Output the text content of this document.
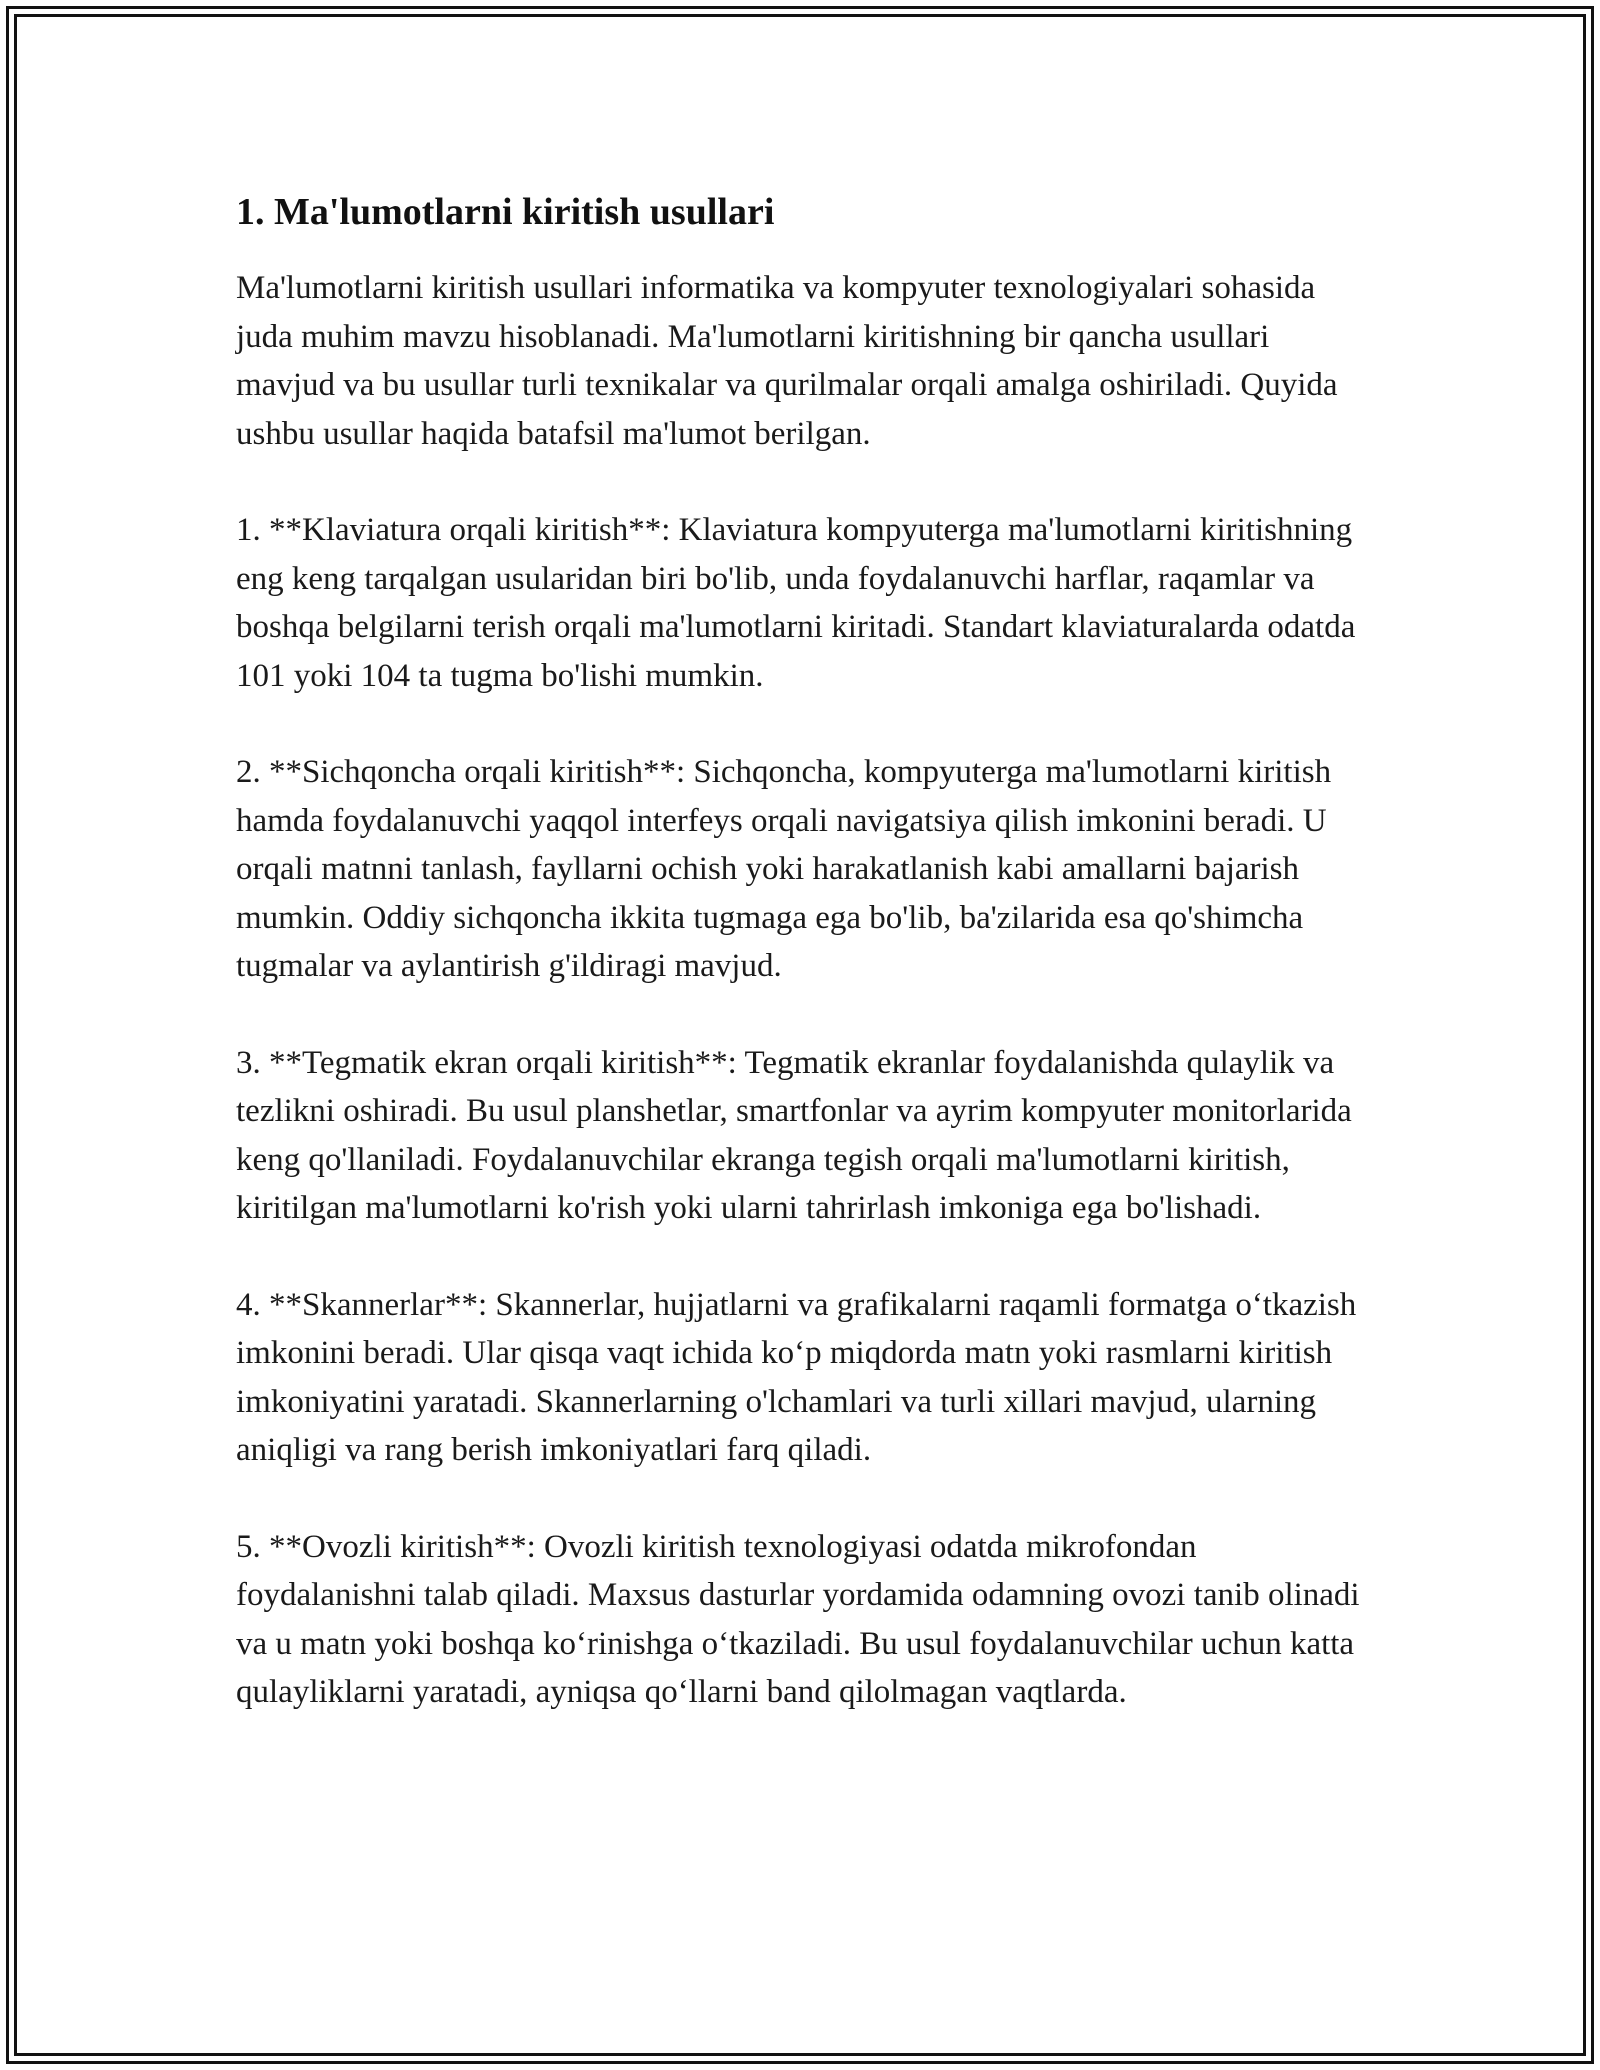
1. Ma'lumotlarni kiritish usullari

Ma'lumotlarni kiritish usullari informatika va kompyuter texnologiyalari sohasida juda muhim mavzu hisoblanadi. Ma'lumotlarni kiritishning bir qancha usullari mavjud va bu usullar turli texnikalar va qurilmalar orqali amalga oshiriladi. Quyida ushbu usullar haqida batafsil ma'lumot berilgan.

1. **Klaviatura orqali kiritish**: Klaviatura kompyuterga ma'lumotlarni kiritishning eng keng tarqalgan usularidan biri bo'lib, unda foydalanuvchi harflar, raqamlar va boshqa belgilarni terish orqali ma'lumotlarni kiritadi. Standart klaviaturalarda odatda 101 yoki 104 ta tugma bo'lishi mumkin.

2. **Sichqoncha orqali kiritish**: Sichqoncha, kompyuterga ma'lumotlarni kiritish hamda foydalanuvchi yaqqol interfeys orqali navigatsiya qilish imkonini beradi. U orqali matnni tanlash, fayllarni ochish yoki harakatlanish kabi amallarni bajarish mumkin. Oddiy sichqoncha ikkita tugmaga ega bo'lib, ba'zilarida esa qo'shimcha tugmalar va aylantirish g'ildiragi mavjud.

3. **Tegmatik ekran orqali kiritish**: Tegmatik ekranlar foydalanishda qulaylik va tezlikni oshiradi. Bu usul planshetlar, smartfonlar va ayrim kompyuter monitorlarida keng qo'llaniladi. Foydalanuvchilar ekranga tegish orqali ma'lumotlarni kiritish, kiritilgan ma'lumotlarni ko'rish yoki ularni tahrirlash imkoniga ega bo'lishadi.

4. **Skannerlar**: Skannerlar, hujjatlarni va grafikalarni raqamli formatga o‘tkazish imkonini beradi. Ular qisqa vaqt ichida ko‘p miqdorda matn yoki rasmlarni kiritish imkoniyatini yaratadi. Skannerlarning o'lchamlari va turli xillari mavjud, ularning aniqligi va rang berish imkoniyatlari farq qiladi.

5. **Ovozli kiritish**: Ovozli kiritish texnologiyasi odatda mikrofondan foydalanishni talab qiladi. Maxsus dasturlar yordamida odamning ovozi tanib olinadi va u matn yoki boshqa ko‘rinishga o‘tkaziladi. Bu usul foydalanuvchilar uchun katta qulayliklarni yaratadi, ayniqsa qo‘llarni band qilolmagan vaqtlarda.
